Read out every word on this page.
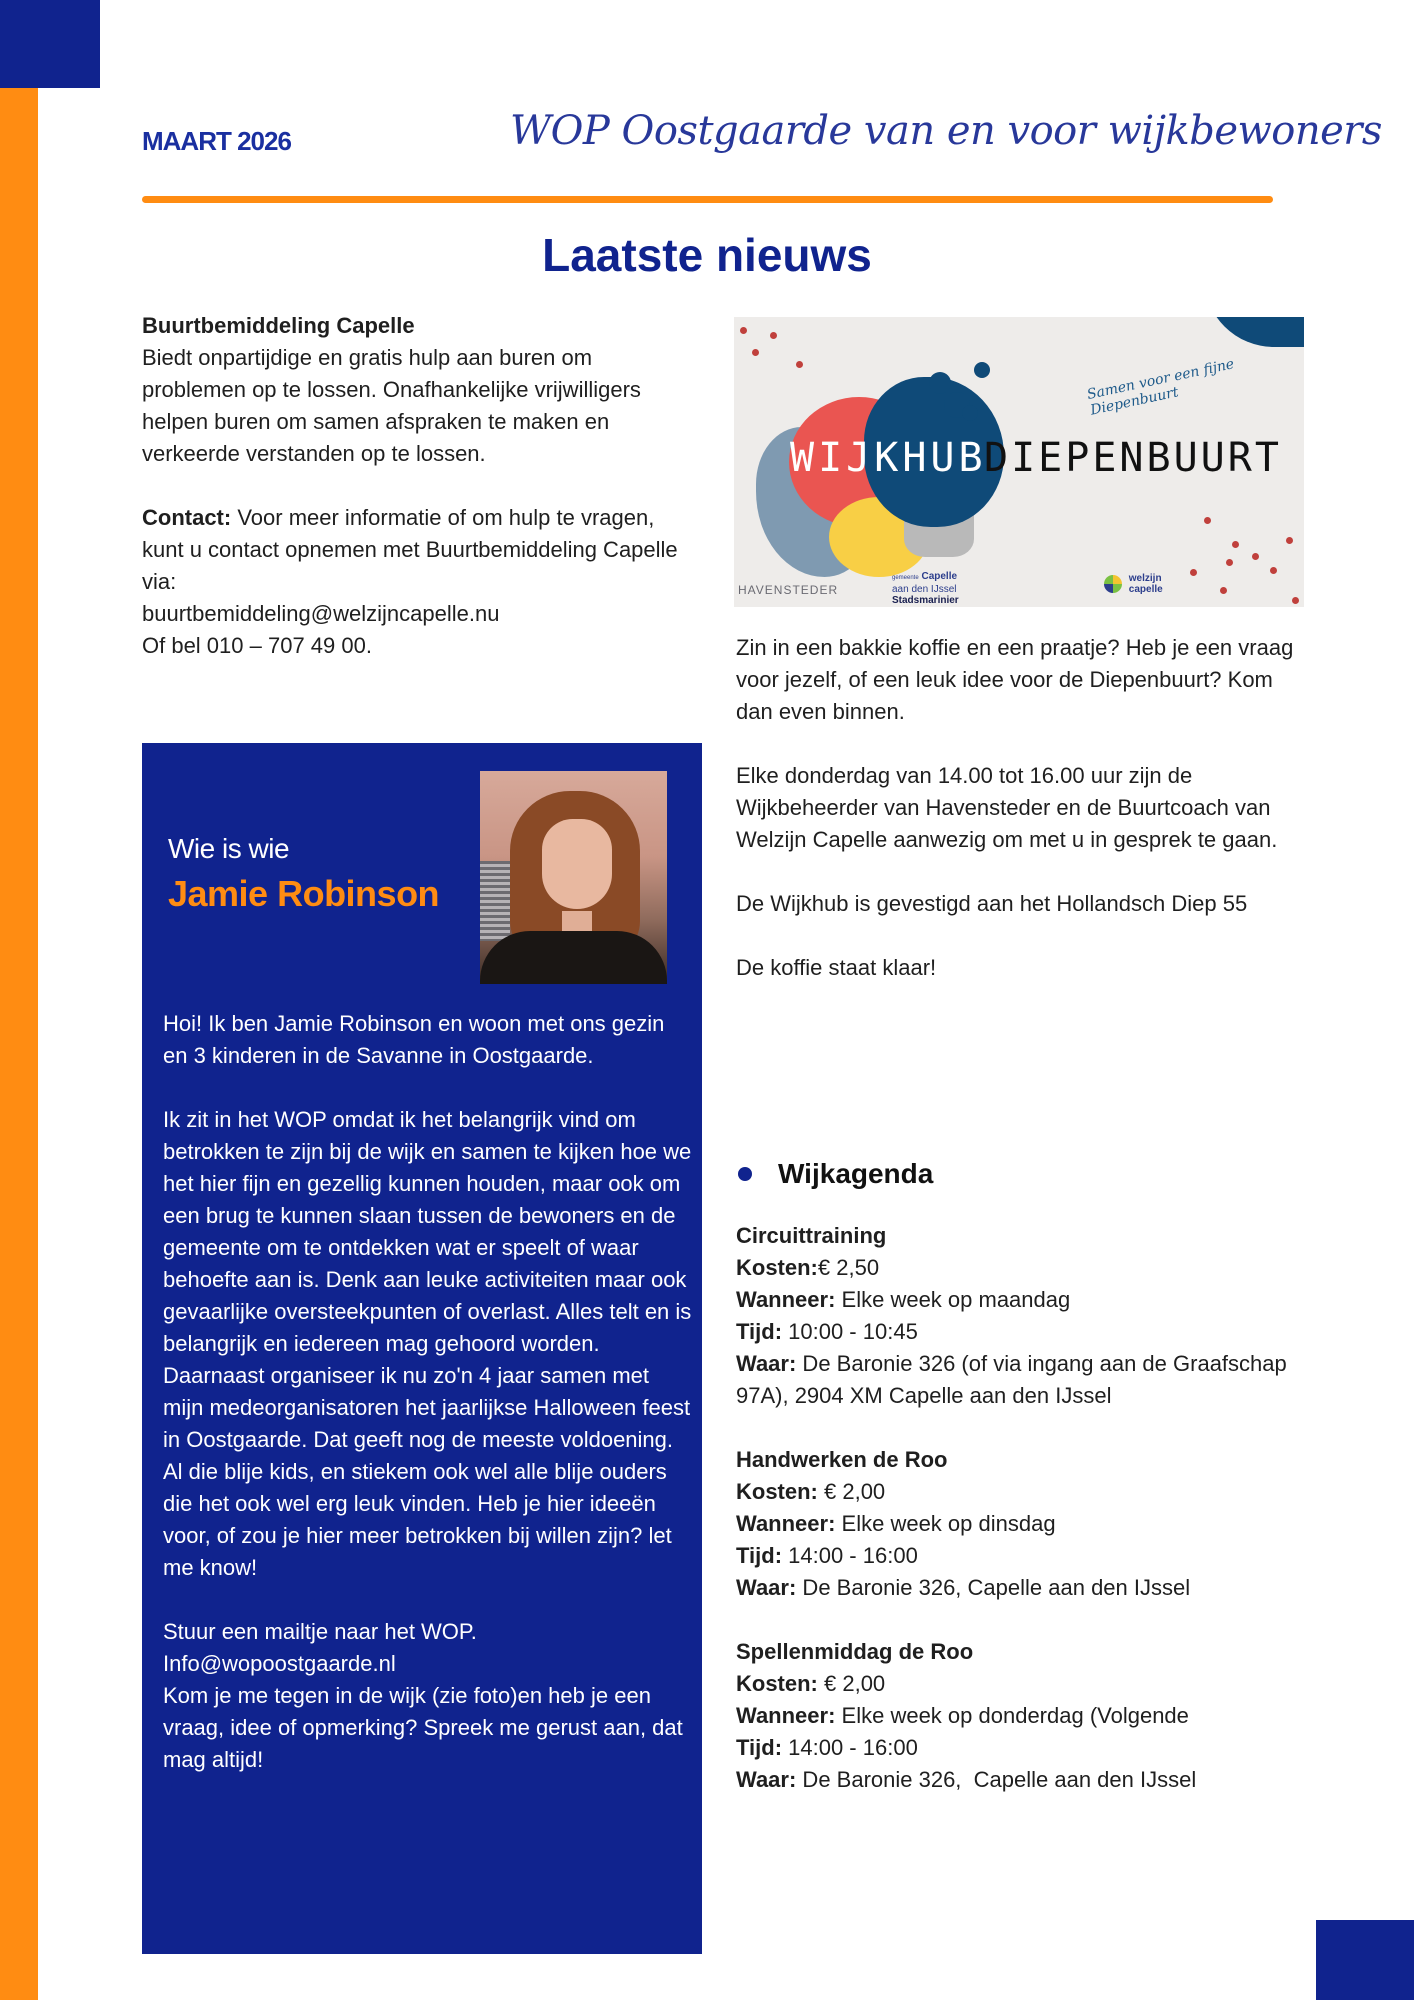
MAART 2026	WOP Oostgaarde van en voor wijkbewoners
Laatste nieuws

Buurtbemiddeling Capelle

Biedt onpartijdige en gratis hulp aan buren om problemen op te lossen. Onafhankelijke vrijwilligers helpen buren om samen afspraken te maken en verkeerde verstanden op te lossen.

Contact: Voor meer informatie of om hulp te vragen, kunt u contact opnemen met Buurtbemiddeling Capelle via:

buurtbemiddeling@welzijncapelle.nu

Of bel 010 – 707 49 00.

Wie is wie
Jamie Robinson

Hoi! Ik ben Jamie Robinson en woon met ons gezin en 3 kinderen in de Savanne in Oostgaarde.

Ik zit in het WOP omdat ik het belangrijk vind om betrokken te zijn bij de wijk en samen te kijken hoe we het hier fijn en gezellig kunnen houden, maar ook om een brug te kunnen slaan tussen de bewoners en de gemeente om te ontdekken wat er speelt of waar behoefte aan is. Denk aan leuke activiteiten maar ook gevaarlijke oversteekpunten of overlast. Alles telt en is belangrijk en iedereen mag gehoord worden. Daarnaast organiseer ik nu zo'n 4 jaar samen met mijn medeorganisatoren het jaarlijkse Halloween feest in Oostgaarde. Dat geeft nog de meeste voldoening. Al die blije kids, en stiekem ook wel alle blije ouders die het ook wel erg leuk vinden. Heb je hier ideeën voor, of zou je hier meer betrokken bij willen zijn? let me know!

Stuur een mailtje naar het WOP.

Info@wopoostgaarde.nl

Kom je me tegen in de wijk (zie foto)en heb je een vraag, idee of opmerking? Spreek me gerust aan, dat mag altijd!

WIJKHUB
DIEPENBUURT
Samen voor een fijne Diepenbuurt
HAVENSTEDER
gemeente Capelle
aan den IJssel
Stadsmarinier
welzijn
capelle

Zin in een bakkie koffie en een praatje? Heb je een vraag voor jezelf, of een leuk idee voor de Diepenbuurt? Kom dan even binnen.

Elke donderdag van 14.00 tot 16.00 uur zijn de Wijkbeheerder van Havensteder en de Buurtcoach van Welzijn Capelle aanwezig om met u in gesprek te gaan.

De Wijkhub is gevestigd aan het Hollandsch Diep 55

De koffie staat klaar!

Wijkagenda
Circuittraining
Kosten:€ 2,50
Wanneer: Elke week op maandag
Tijd: 10:00 - 10:45
Waar: De Baronie 326 (of via ingang aan de Graafschap 97A), 2904 XM Capelle aan den IJssel
Handwerken de Roo
Kosten: € 2,00
Wanneer: Elke week op dinsdag
Tijd: 14:00 - 16:00
Waar: De Baronie 326, Capelle aan den IJssel
Spellenmiddag de Roo
Kosten: € 2,00
Wanneer: Elke week op donderdag (Volgende
Tijd: 14:00 - 16:00
Waar: De Baronie 326,  Capelle aan den IJssel
